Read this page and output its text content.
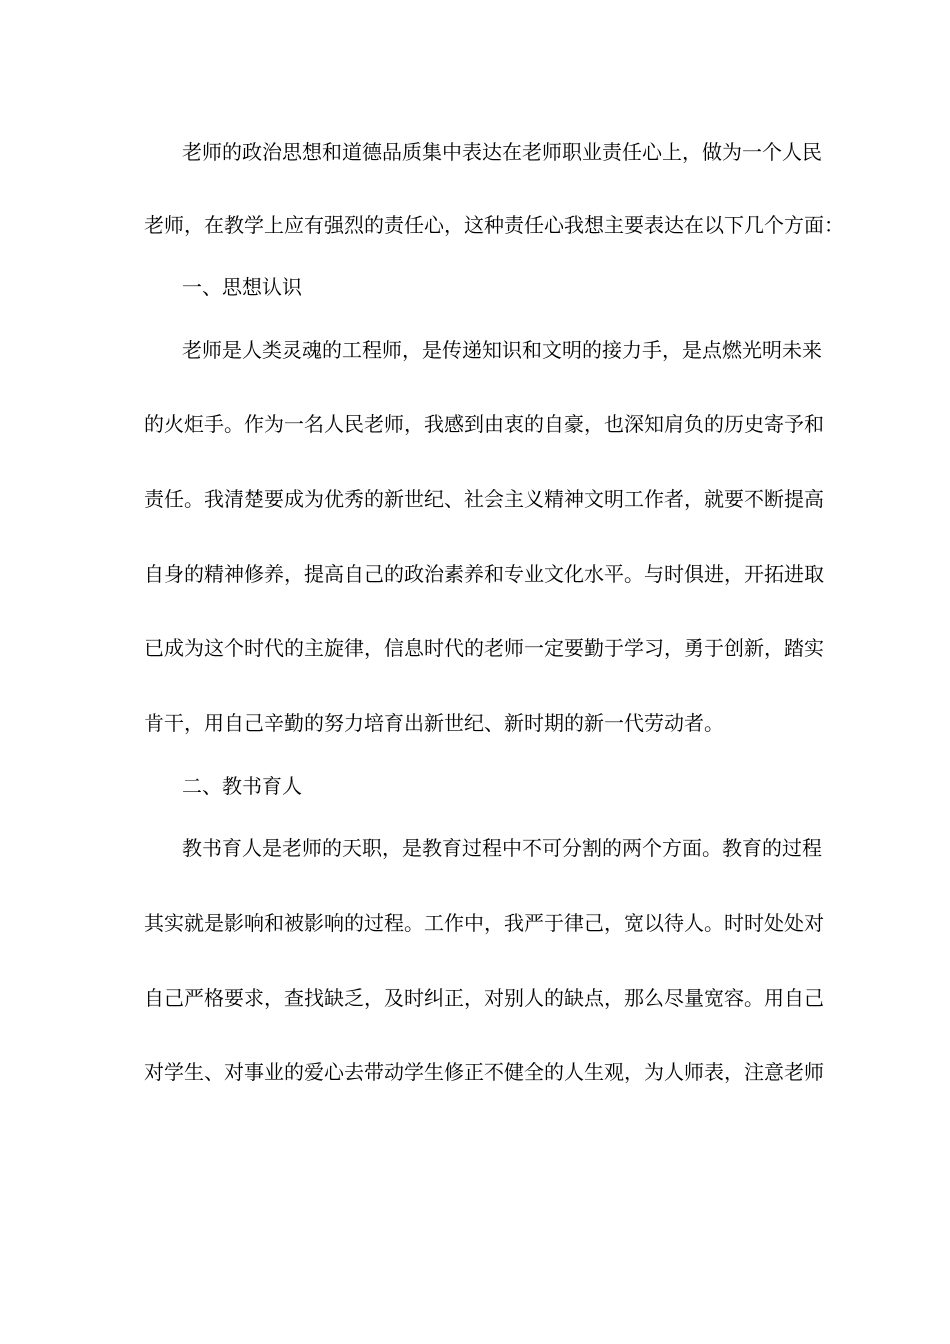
老师的政治思想和道德品质集中表达在老师职业责任心上，做为一个人民
老师，在教学上应有强烈的责任心，这种责任心我想主要表达在以下几个方面：
一、思想认识
老师是人类灵魂的工程师，是传递知识和文明的接力手，是点燃光明未来
的火炬手。作为一名人民老师，我感到由衷的自豪，也深知肩负的历史寄予和
责任。我清楚要成为优秀的新世纪、社会主义精神文明工作者，就要不断提高
自身的精神修养，提高自己的政治素养和专业文化水平。与时俱进，开拓进取
已成为这个时代的主旋律，信息时代的老师一定要勤于学习，勇于创新，踏实
肯干，用自己辛勤的努力培育出新世纪、新时期的新一代劳动者。
二、教书育人
教书育人是老师的天职，是教育过程中不可分割的两个方面。教育的过程
其实就是影响和被影响的过程。工作中，我严于律己，宽以待人。时时处处对
自己严格要求，查找缺乏，及时纠正，对别人的缺点，那么尽量宽容。用自己
对学生、对事业的爱心去带动学生修正不健全的人生观，为人师表，注意老师
